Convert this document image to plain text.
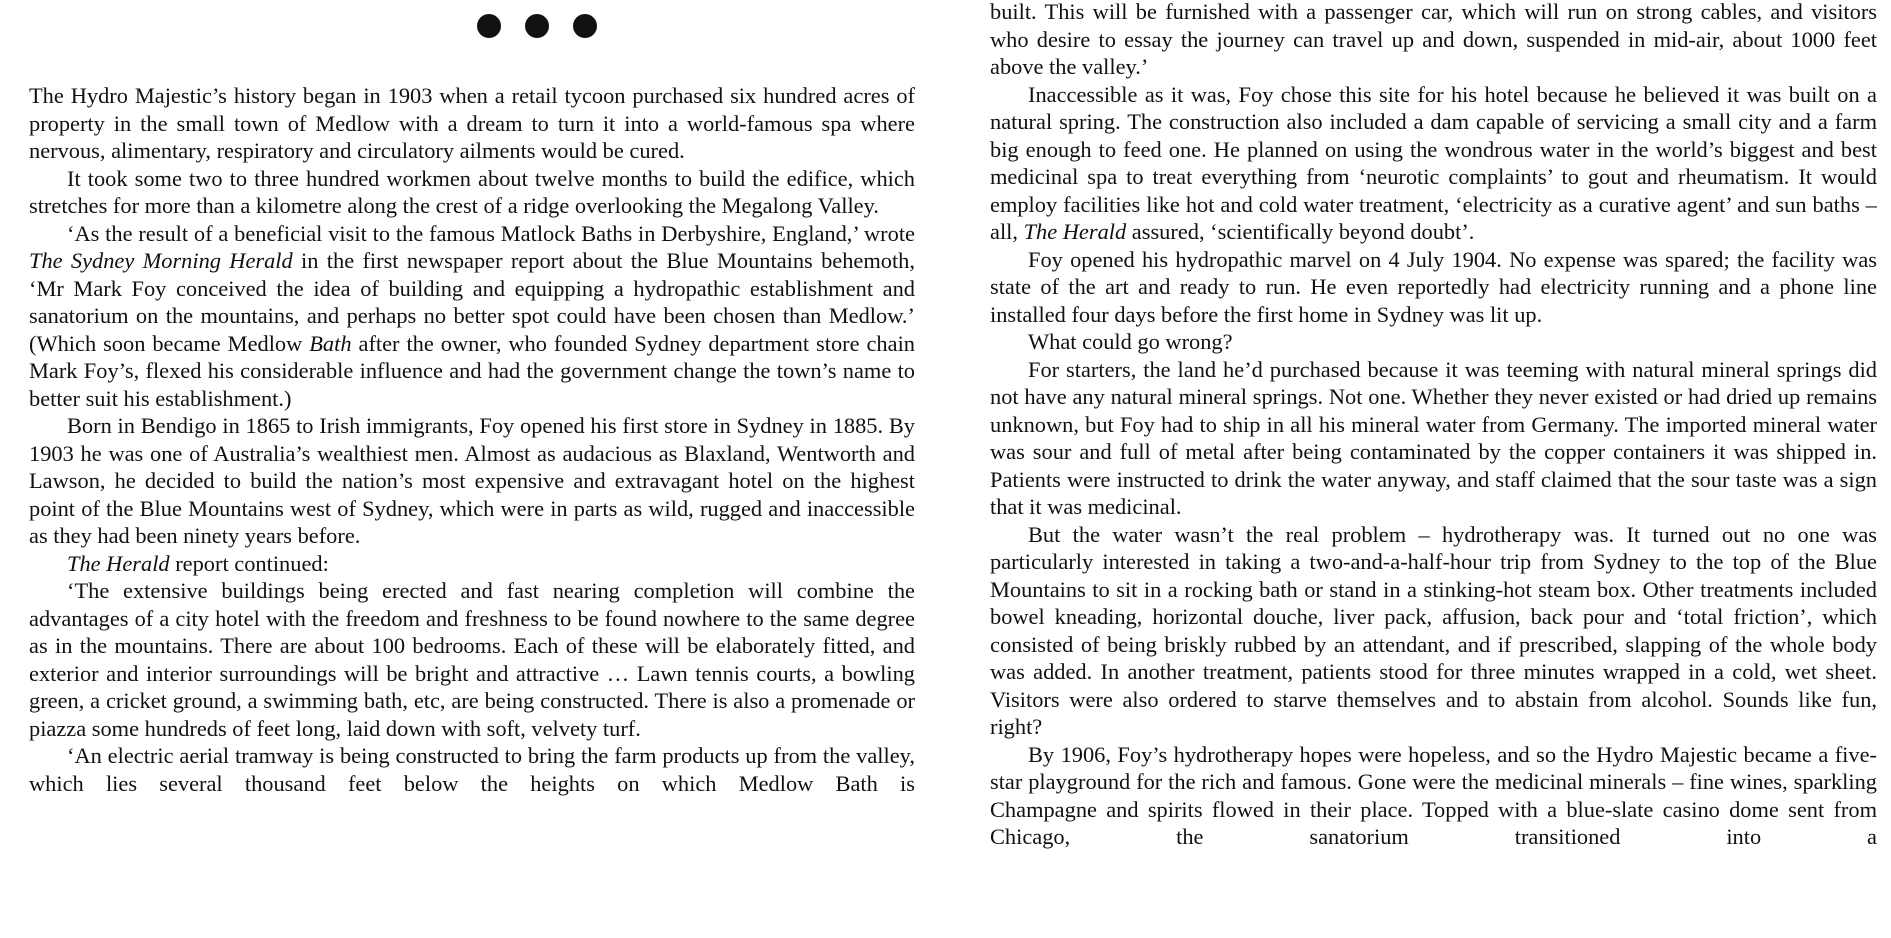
The Hydro Majestic’s history began in 1903 when a retail tycoon purchased six hundred acres of property in the small town of Medlow with a dream to turn it into a world-famous spa where nervous, alimentary, respiratory and circulatory ailments would be cured.

It took some two to three hundred workmen about twelve months to build the edifice, which stretches for more than a kilometre along the crest of a ridge overlooking the Megalong Valley.

‘As the result of a beneficial visit to the famous Matlock Baths in Derbyshire, England,’ wrote The Sydney Morning Herald in the first newspaper report about the Blue Mountains behemoth, ‘Mr Mark Foy conceived the idea of building and equipping a hydropathic establishment and sanatorium on the mountains, and perhaps no better spot could have been chosen than Medlow.’ (Which soon became Medlow Bath after the owner, who founded Sydney department store chain Mark Foy’s, flexed his considerable influence and had the government change the town’s name to better suit his establishment.)

Born in Bendigo in 1865 to Irish immigrants, Foy opened his first store in Sydney in 1885. By 1903 he was one of Australia’s wealthiest men. Almost as audacious as Blaxland, Wentworth and Lawson, he decided to build the nation’s most expensive and extravagant hotel on the highest point of the Blue Mountains west of Sydney, which were in parts as wild, rugged and inaccessible as they had been ninety years before.

The Herald report continued:

‘The extensive buildings being erected and fast nearing completion will combine the advantages of a city hotel with the freedom and freshness to be found nowhere to the same degree as in the mountains. There are about 100 bedrooms. Each of these will be elaborately fitted, and exterior and interior surroundings will be bright and attractive … Lawn tennis courts, a bowling green, a cricket ground, a swimming bath, etc, are being constructed. There is also a promenade or piazza some hundreds of feet long, laid down with soft, velvety turf.

‘An electric aerial tramway is being constructed to bring the farm products up from the valley, which lies several thousand feet below the heights on which Medlow Bath is

built. This will be furnished with a passenger car, which will run on strong cables, and visitors who desire to essay the journey can travel up and down, suspended in mid-air, about 1000 feet above the valley.’

Inaccessible as it was, Foy chose this site for his hotel because he believed it was built on a natural spring. The construction also included a dam capable of servicing a small city and a farm big enough to feed one. He planned on using the wondrous water in the world’s biggest and best medicinal spa to treat everything from ‘neurotic complaints’ to gout and rheumatism. It would employ facilities like hot and cold water treatment, ‘electricity as a curative agent’ and sun baths – all, The Herald assured, ‘scientifically beyond doubt’.

Foy opened his hydropathic marvel on 4 July 1904. No expense was spared; the facility was state of the art and ready to run. He even reportedly had electricity running and a phone line installed four days before the first home in Sydney was lit up.

What could go wrong?

For starters, the land he’d purchased because it was teeming with natural mineral springs did not have any natural mineral springs. Not one. Whether they never existed or had dried up remains unknown, but Foy had to ship in all his mineral water from Germany. The imported mineral water was sour and full of metal after being contaminated by the copper containers it was shipped in. Patients were instructed to drink the water anyway, and staff claimed that the sour taste was a sign that it was medicinal.

But the water wasn’t the real problem – hydrotherapy was. It turned out no one was particularly interested in taking a two-and-a-half-hour trip from Sydney to the top of the Blue Mountains to sit in a rocking bath or stand in a stinking-hot steam box. Other treatments included bowel kneading, horizontal douche, liver pack, affusion, back pour and ‘total friction’, which consisted of being briskly rubbed by an attendant, and if prescribed, slapping of the whole body was added. In another treatment, patients stood for three minutes wrapped in a cold, wet sheet. Visitors were also ordered to starve themselves and to abstain from alcohol. Sounds like fun, right?

By 1906, Foy’s hydrotherapy hopes were hopeless, and so the Hydro Majestic became a five-star playground for the rich and famous. Gone were the medicinal minerals – fine wines, sparkling Champagne and spirits flowed in their place. Topped with a blue-slate casino dome sent from Chicago, the sanatorium transitioned into a
